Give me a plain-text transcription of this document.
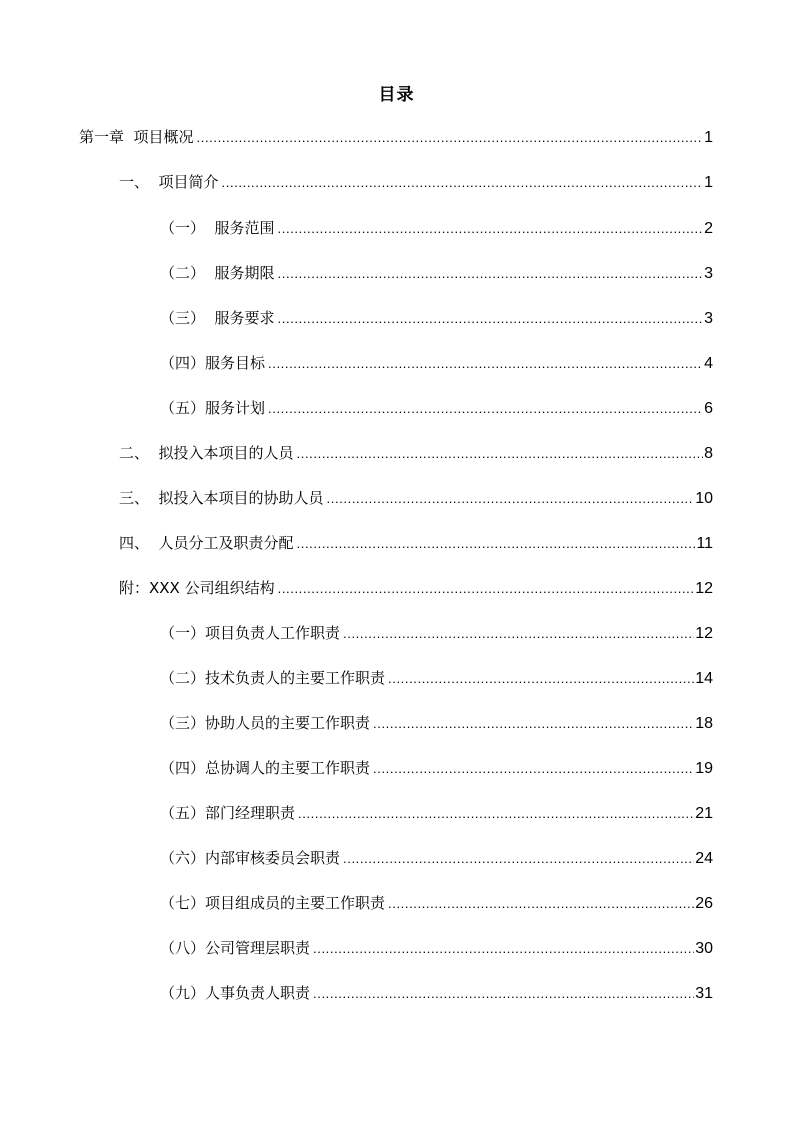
目录
第一章  项目概况 .....	1
一、  项目简介 .....	1
（一）  服务范围 .....	2
（二）  服务期限 .....	3
（三）  服务要求 .....	3
（四）服务目标 .....	4
（五）服务计划 .....	6
二、  拟投入本项目的人员 .....	8
三、  拟投入本项目的协助人员 .....	10
四、  人员分工及职责分配 .....	11
附：XXX 公司组织结构 .....	12
（一）项目负责人工作职责 .....	12
（二）技术负责人的主要工作职责 .....	14
（三）协助人员的主要工作职责 .....	18
（四）总协调人的主要工作职责 .....	19
（五）部门经理职责 .....	21
（六）内部审核委员会职责 .....	24
（七）项目组成员的主要工作职责 .....	26
（八）公司管理层职责 .....	30
（九）人事负责人职责 .....	31
